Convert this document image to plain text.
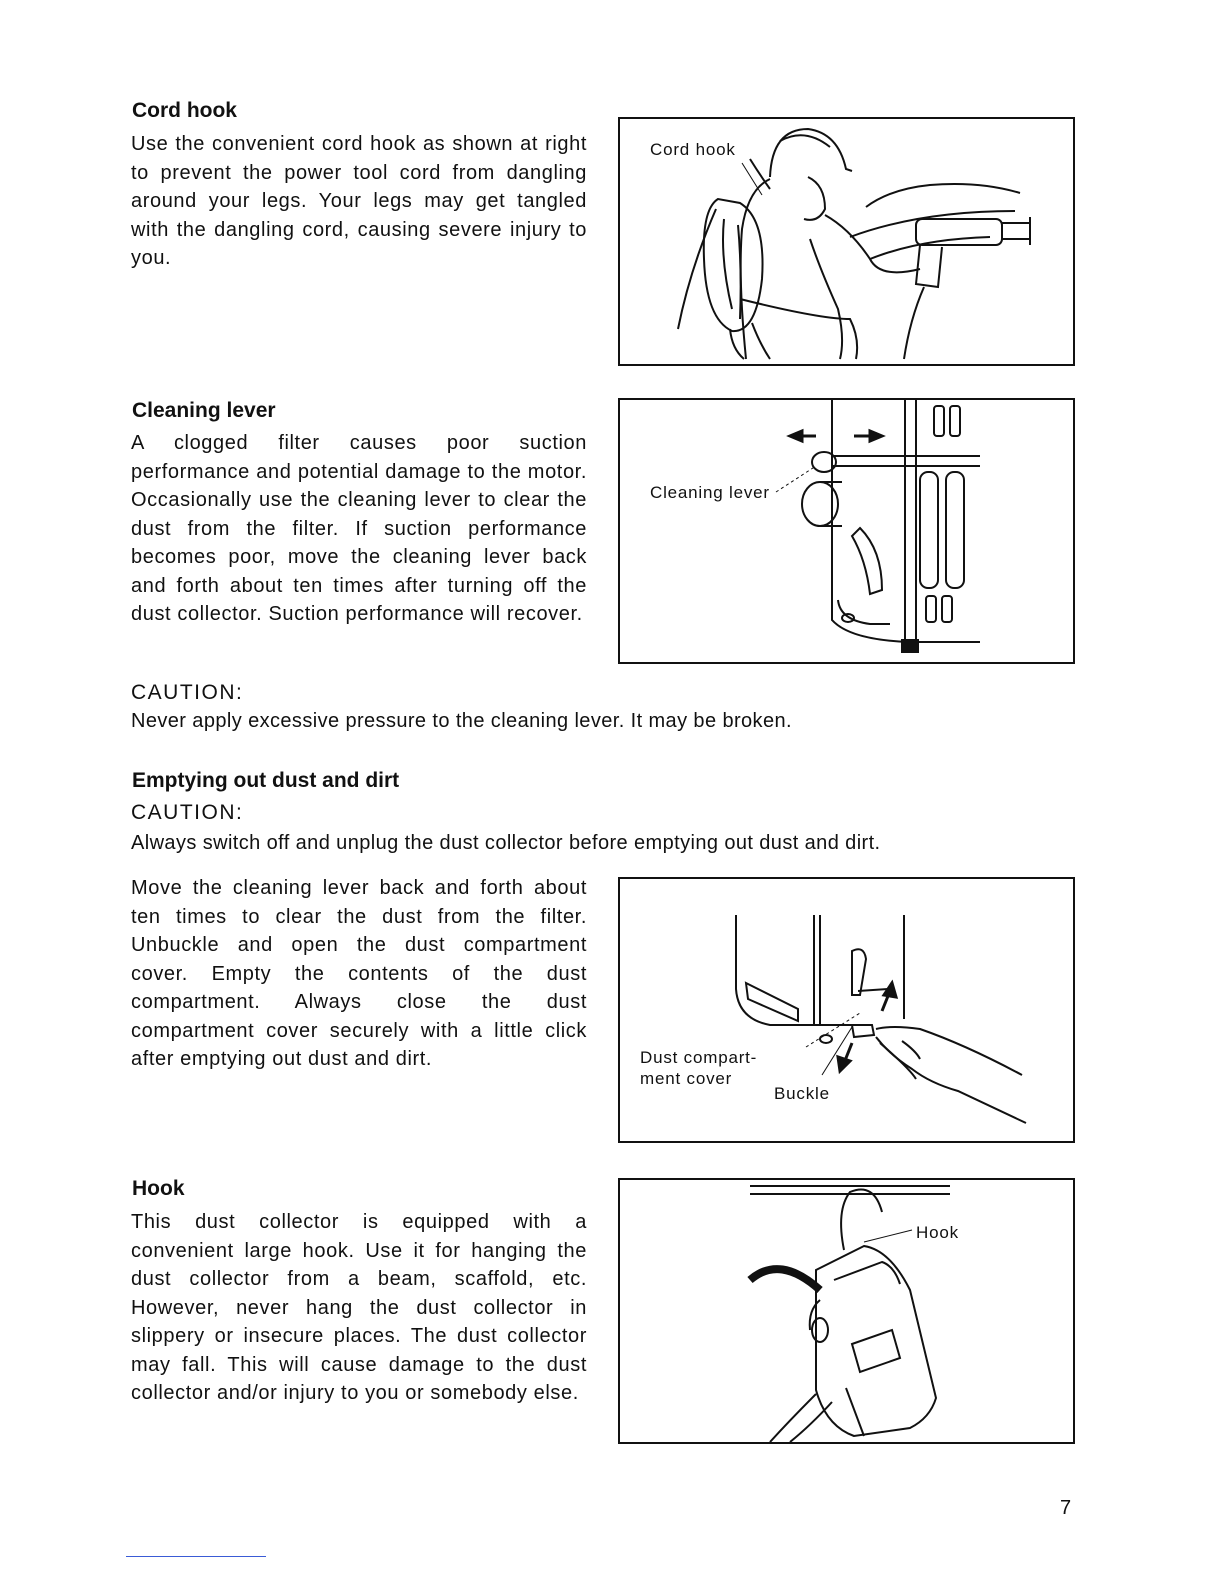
Cord hook

Use the convenient cord hook as shown at right to prevent the power tool cord from dangling around your legs. Your legs may get tangled with the dangling cord, causing severe injury to you.

Cord hook

Cleaning lever

A clogged filter causes poor suction performance and potential damage to the motor. Occasionally use the cleaning lever to clear the dust from the filter. If suction performance becomes poor, move the cleaning lever back and forth about ten times after turning off the dust collector. Suction performance will recover.

Cleaning lever

CAUTION:

Never apply excessive pressure to the cleaning lever. It may be broken.

Emptying out dust and dirt

CAUTION:

Always switch off and unplug the dust collector before emptying out dust and dirt.

Move the cleaning lever back and forth about ten times to clear the dust from the filter. Unbuckle and open the dust compartment cover. Empty the contents of the dust compartment. Always close the dust compartment cover securely with a little click after emptying out dust and dirt.	Dust compart-

ment cover

Buckle

Hook

This dust collector is equipped with a convenient large hook. Use it for hanging the dust collector from a beam, scaffold, etc. However, never hang the dust collector in slippery or insecure places. The dust collector may fall. This will cause damage to the dust collector and/or injury to you or somebody else.

Hook

7
